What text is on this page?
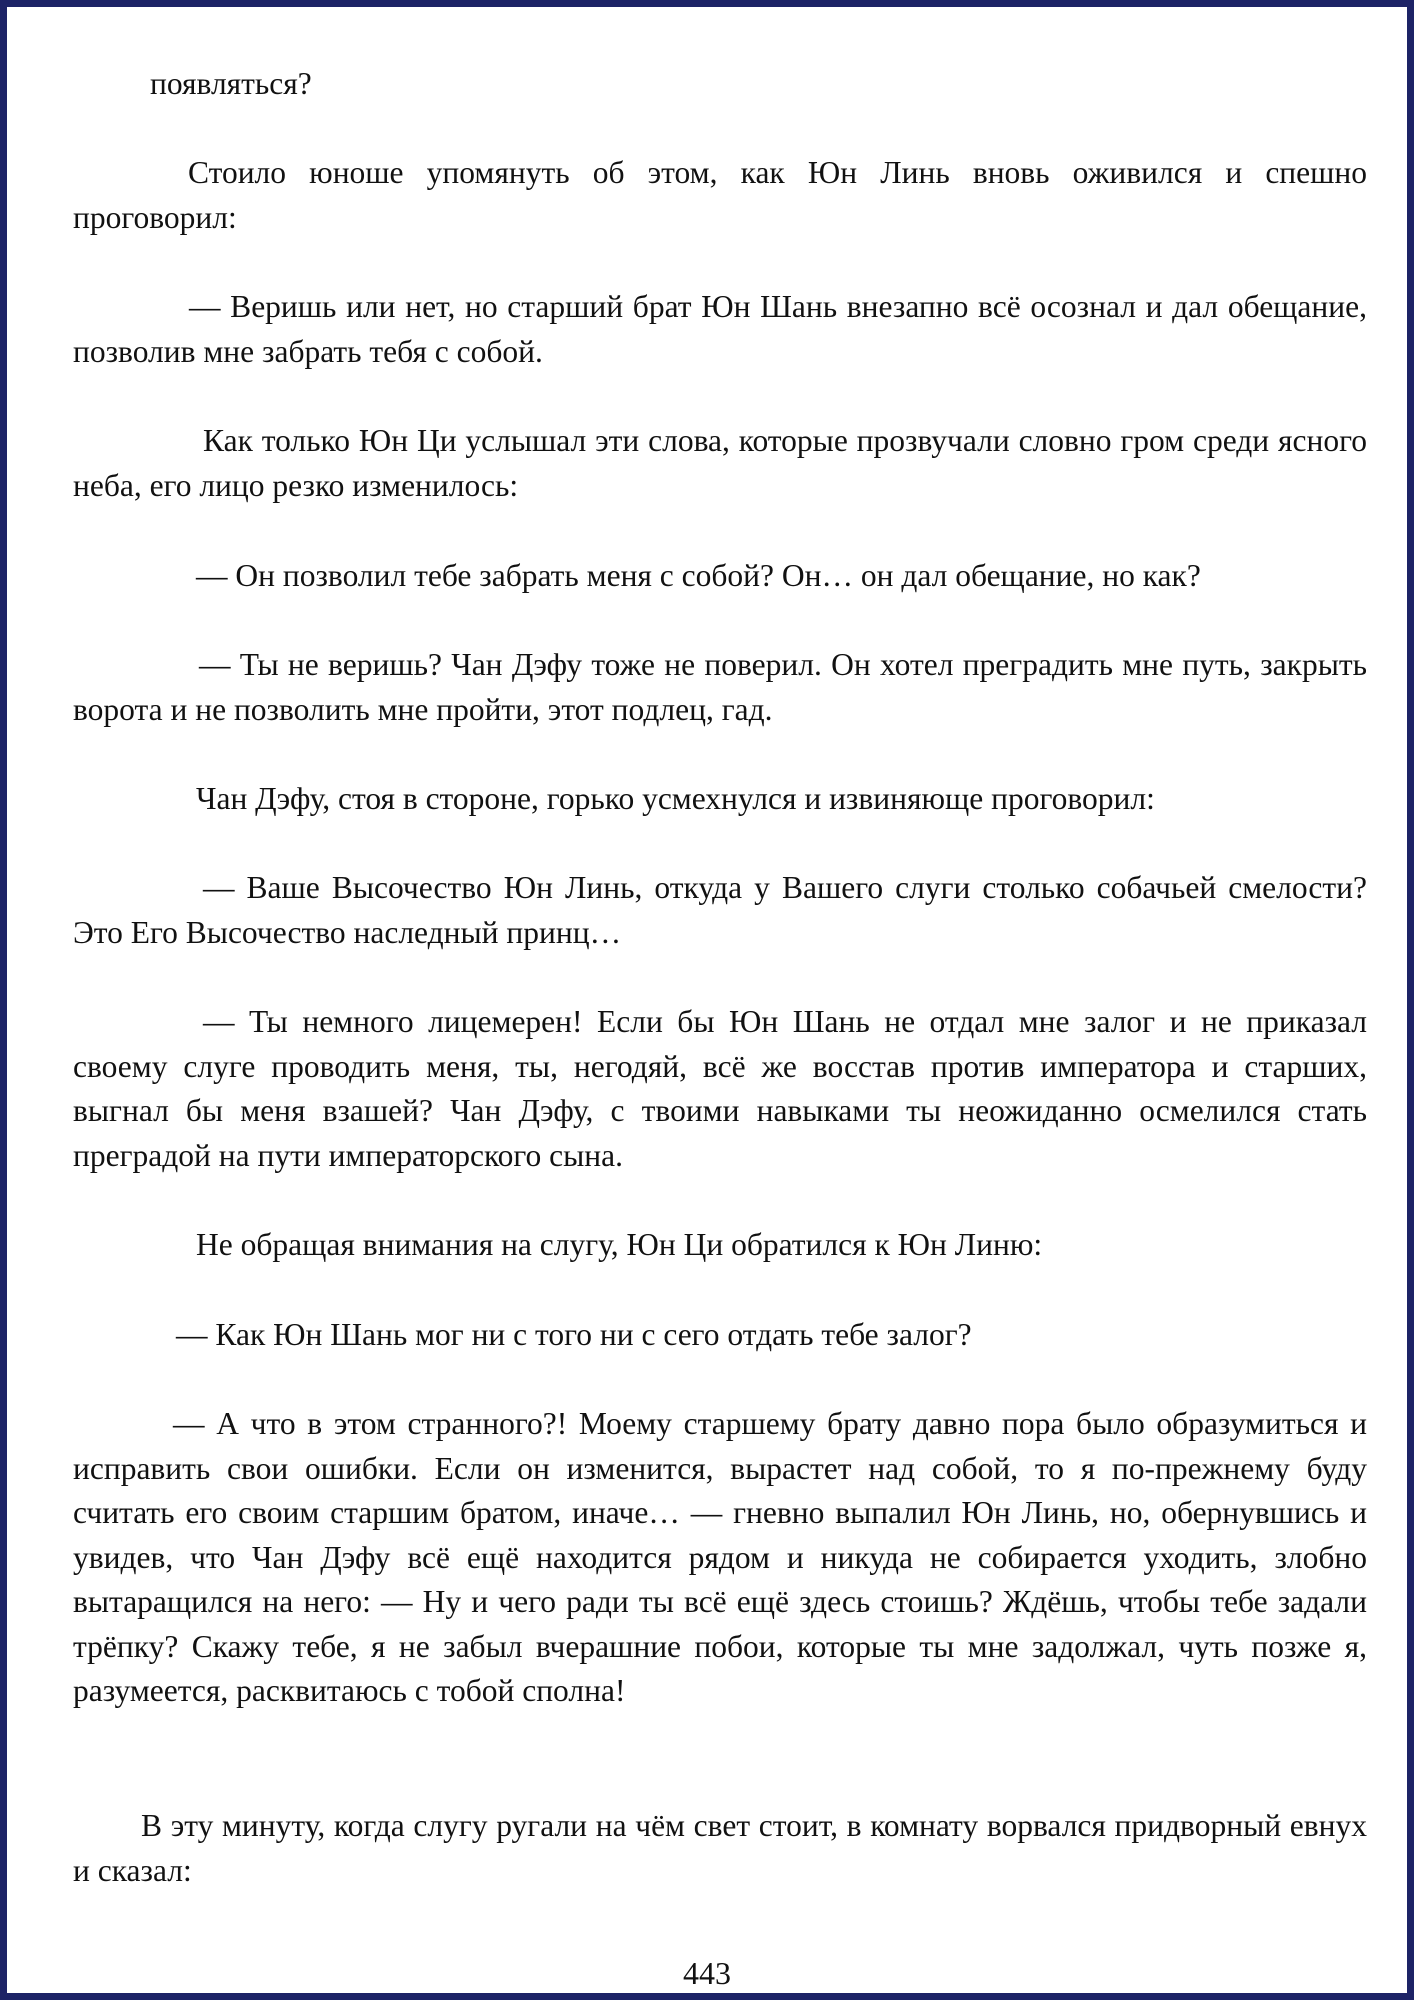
появляться?

Стоило юноше упомянуть об этом, как Юн Линь вновь оживился и спешно проговорил:

— Веришь или нет, но старший брат Юн Шань внезапно всё осознал и дал обещание, позволив мне забрать тебя с собой.

Как только Юн Ци услышал эти слова, которые прозвучали словно гром среди ясного неба, его лицо резко изменилось:

— Он позволил тебе забрать меня с собой? Он… он дал обещание, но как?

— Ты не веришь? Чан Дэфу тоже не поверил. Он хотел преградить мне путь, закрыть ворота и не позволить мне пройти, этот подлец, гад.

Чан Дэфу, стоя в стороне, горько усмехнулся и извиняюще проговорил:

— Ваше Высочество Юн Линь, откуда у Вашего слуги столько собачьей смелости? Это Его Высочество наследный принц…

— Ты немного лицемерен! Если бы Юн Шань не отдал мне залог и не приказал своему слуге проводить меня, ты, негодяй, всё же восстав против императора и старших, выгнал бы меня взашей? Чан Дэфу, с твоими навыками ты неожиданно осмелился стать преградой на пути императорского сына.

Не обращая внимания на слугу, Юн Ци обратился к Юн Линю:

— Как Юн Шань мог ни с того ни с сего отдать тебе залог?

— А что в этом странного?! Моему старшему брату давно пора было образумиться и исправить свои ошибки. Если он изменится, вырастет над собой, то я по-прежнему буду считать его своим старшим братом, иначе… — гневно выпалил Юн Линь, но, обернувшись и увидев, что Чан Дэфу всё ещё находится рядом и никуда не собирается уходить, злобно вытаращился на него: — Ну и чего ради ты всё ещё здесь стоишь? Ждёшь, чтобы тебе задали трёпку? Скажу тебе, я не забыл вчерашние побои, которые ты мне задолжал, чуть позже я, разумеется, расквитаюсь с тобой сполна!

В эту минуту, когда слугу ругали на чём свет стоит, в комнату ворвался придворный евнух и сказал:

443
